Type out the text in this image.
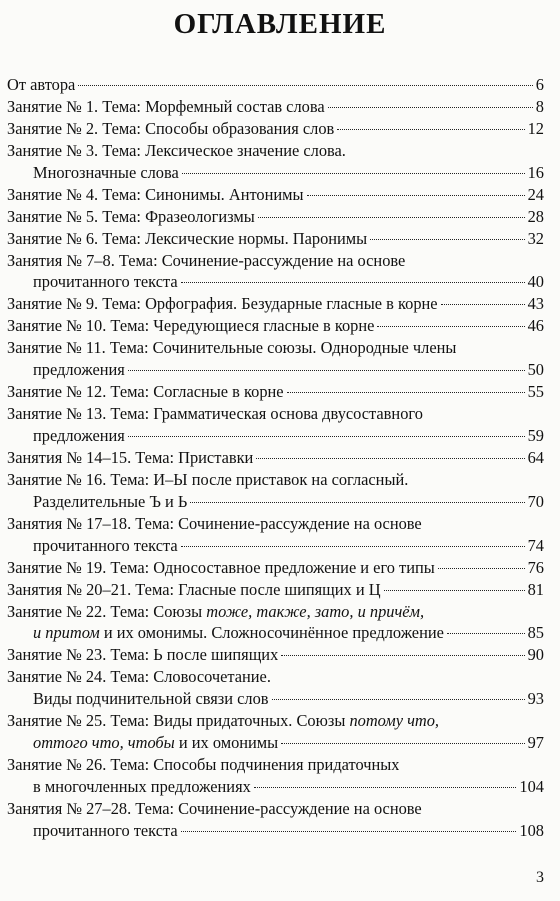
ОГЛАВЛЕНИЕ
От автора	6
Занятие № 1. Тема: Морфемный состав слова	8
Занятие № 2. Тема: Способы образования слов	12
Занятие № 3. Тема: Лексическое значение слова.
Многозначные слова	16
Занятие № 4. Тема: Синонимы. Антонимы	24
Занятие № 5. Тема: Фразеологизмы	28
Занятие № 6. Тема: Лексические нормы. Паронимы	32
Занятия № 7–8. Тема: Сочинение-рассуждение на основе
прочитанного текста	40
Занятие № 9. Тема: Орфография. Безударные гласные в корне	43
Занятие № 10. Тема: Чередующиеся гласные в корне	46
Занятие № 11. Тема: Сочинительные союзы. Однородные члены
предложения	50
Занятие № 12. Тема: Согласные в корне	55
Занятие № 13. Тема: Грамматическая основа двусоставного
предложения	59
Занятия № 14–15. Тема: Приставки	64
Занятие № 16. Тема: И–Ы после приставок на согласный.
Разделительные Ъ и Ь	70
Занятия № 17–18. Тема: Сочинение-рассуждение на основе
прочитанного текста	74
Занятие № 19. Тема: Односоставное предложение и его типы	76
Занятия № 20–21. Тема: Гласные после шипящих и Ц	81
Занятие № 22. Тема: Союзы тоже, также, зато, и причём,
и притом и их омонимы. Сложносочинённое предложение	85
Занятие № 23. Тема: Ь после шипящих	90
Занятие № 24. Тема: Словосочетание.
Виды подчинительной связи слов	93
Занятие № 25. Тема: Виды придаточных. Союзы потому что,
оттого что, чтобы и их омонимы	97
Занятие № 26. Тема: Способы подчинения придаточных
в многочленных предложениях	104
Занятия № 27–28. Тема: Сочинение-рассуждение на основе
прочитанного текста	108
3
